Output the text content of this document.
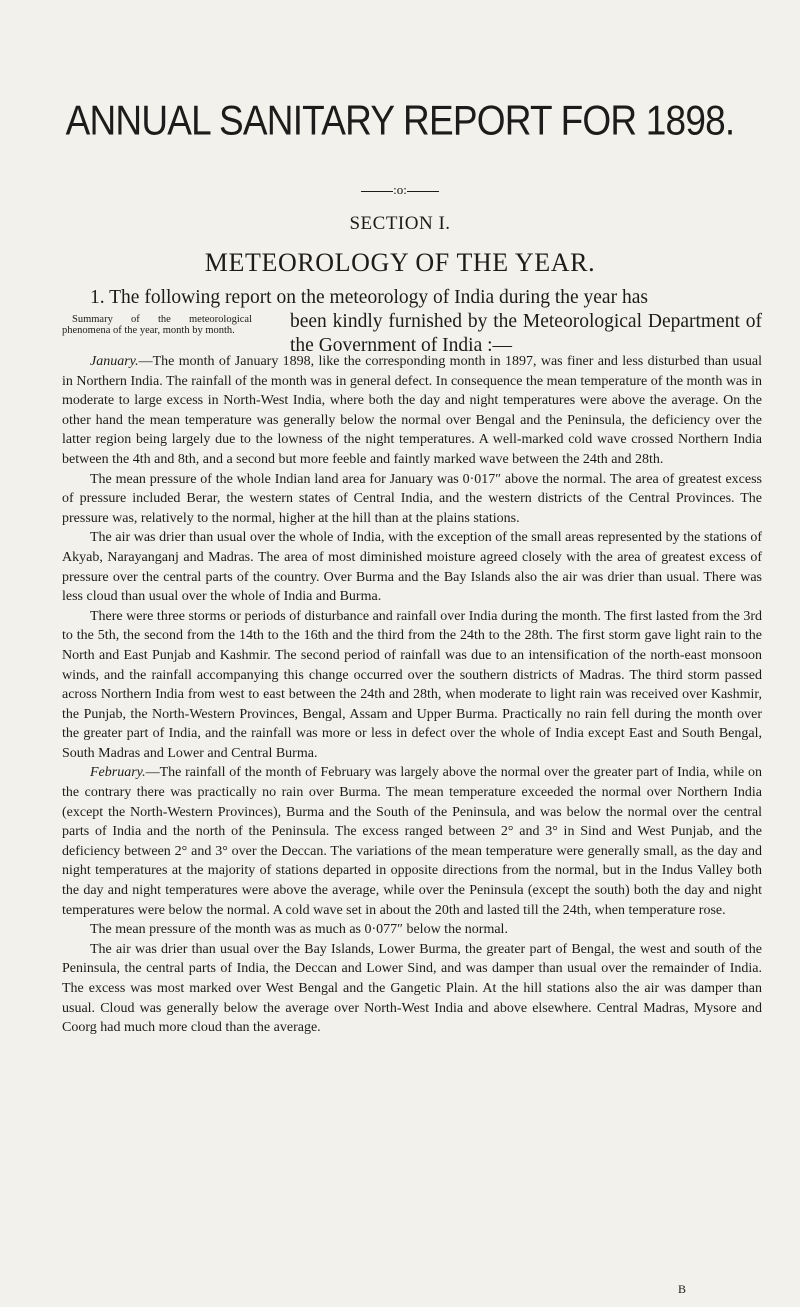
ANNUAL SANITARY REPORT FOR 1898.
:o:
SECTION I.
METEOROLOGY OF THE YEAR.
1. The following report on the meteorology of India during the year has
Summary of the meteorological phenomena of the year, month by month.	been kindly furnished by the Meteorological Department of the Government of India :—

January.—The month of January 1898, like the corresponding month in 1897, was finer and less disturbed than usual in Northern India. The rainfall of the month was in general defect. In consequence the mean temperature of the month was in moderate to large excess in North-West India, where both the day and night temperatures were above the average. On the other hand the mean temperature was generally below the normal over Bengal and the Peninsula, the deficiency over the latter region being largely due to the lowness of the night temperatures. A well-marked cold wave crossed Northern India between the 4th and 8th, and a second but more feeble and faintly marked wave between the 24th and 28th.

The mean pressure of the whole Indian land area for January was 0·017″ above the normal. The area of greatest excess of pressure included Berar, the western states of Central India, and the western districts of the Central Provinces. The pressure was, relatively to the normal, higher at the hill than at the plains stations.

The air was drier than usual over the whole of India, with the exception of the small areas represented by the stations of Akyab, Narayanganj and Madras. The area of most diminished moisture agreed closely with the area of greatest excess of pressure over the central parts of the country. Over Burma and the Bay Islands also the air was drier than usual. There was less cloud than usual over the whole of India and Burma.

There were three storms or periods of disturbance and rainfall over India during the month. The first lasted from the 3rd to the 5th, the second from the 14th to the 16th and the third from the 24th to the 28th. The first storm gave light rain to the North and East Punjab and Kashmir. The second period of rainfall was due to an intensification of the north-east monsoon winds, and the rainfall accompanying this change occurred over the southern districts of Madras. The third storm passed across Northern India from west to east between the 24th and 28th, when moderate to light rain was received over Kashmir, the Punjab, the North-Western Provinces, Bengal, Assam and Upper Burma. Practically no rain fell during the month over the greater part of India, and the rainfall was more or less in defect over the whole of India except East and South Bengal, South Madras and Lower and Central Burma.

February.—The rainfall of the month of February was largely above the normal over the greater part of India, while on the contrary there was practically no rain over Burma. The mean temperature exceeded the normal over Northern India (except the North-Western Provinces), Burma and the South of the Peninsula, and was below the normal over the central parts of India and the north of the Peninsula. The excess ranged between 2° and 3° in Sind and West Punjab, and the deficiency between 2° and 3° over the Deccan. The variations of the mean temperature were generally small, as the day and night temperatures at the majority of stations departed in opposite directions from the normal, but in the Indus Valley both the day and night temperatures were above the average, while over the Peninsula (except the south) both the day and night temperatures were below the normal. A cold wave set in about the 20th and lasted till the 24th, when temperature rose.

The mean pressure of the month was as much as 0·077″ below the normal.

The air was drier than usual over the Bay Islands, Lower Burma, the greater part of Bengal, the west and south of the Peninsula, the central parts of India, the Deccan and Lower Sind, and was damper than usual over the remainder of India. The excess was most marked over West Bengal and the Gangetic Plain. At the hill stations also the air was damper than usual. Cloud was generally below the average over North-West India and above elsewhere. Central Madras, Mysore and Coorg had much more cloud than the average.

B
